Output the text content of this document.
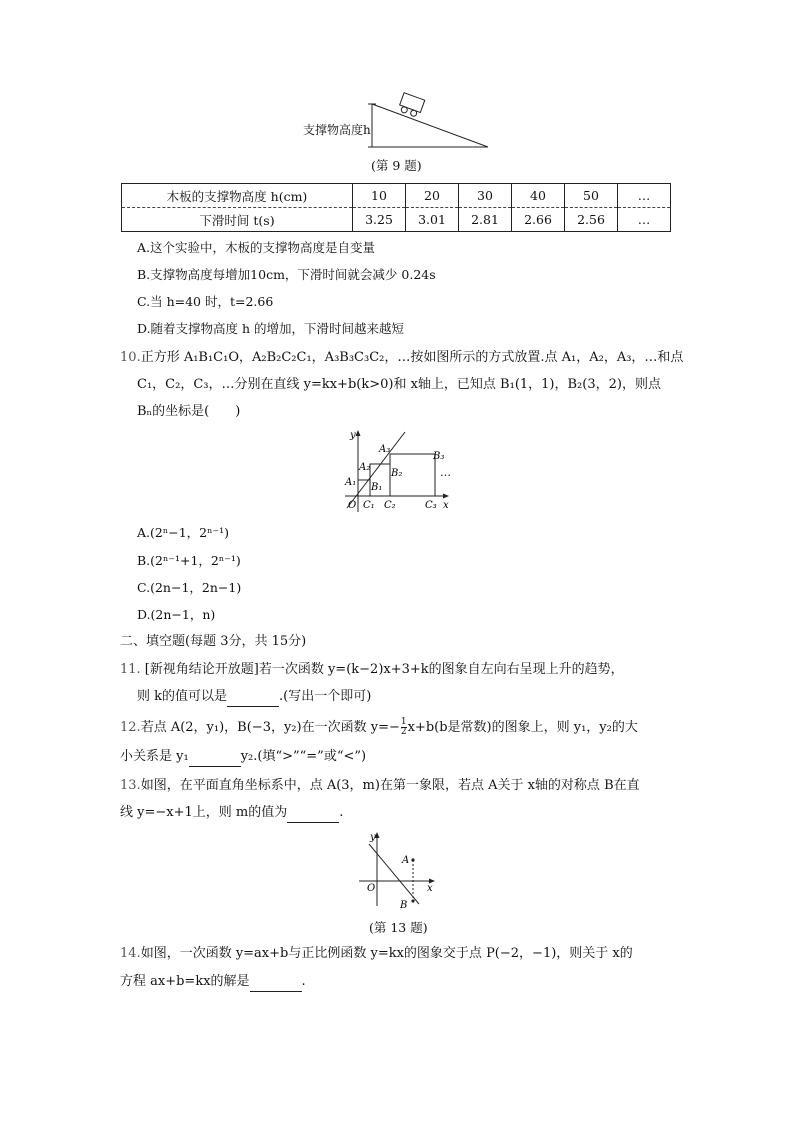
支撑物高度h
(第 9 题)
木板的支撑物高度 h(cm)	10	20	30	40	50	…
下滑时间 t(s)	3.25	3.01	2.81	2.66	2.56	…
A.这个实验中，木板的支撑物高度是自变量
B.支撑物高度每增加10cm，下滑时间就会减少 0.24s
C.当 h=40 时，t=2.66
D.随着支撑物高度 h 的增加，下滑时间越来越短
10.正方形 A₁B₁C₁O，A₂B₂C₂C₁，A₃B₃C₃C₂，…按如图所示的方式放置.点 A₁，A₂，A₃，…和点
C₁，C₂，C₃，…分别在直线 y=kx+b(k>0)和 x轴上，已知点 B₁(1，1)，B₂(3，2)，则点
Bₙ的坐标是(　　)
y
A₃
B₃
A₂
B₂
A₁ B₁
O C₁ C₂	C₃ x
…
A.(2ⁿ−1，2ⁿ⁻¹)
B.(2ⁿ⁻¹+1，2ⁿ⁻¹)
C.(2n−1，2n−1)
D.(2n−1，n)
二、填空题(每题 3分，共 15分)
11. [新视角结论开放题]若一次函数 y=(k−2)x+3+k的图象自左向右呈现上升的趋势，
则 k的值可以是	.(写出一个即可)
12.若点 A(2，y₁)，B(−3，y₂)在一次函数 $y=- \frac{1}{2} x+b(b$是常数)的图象上，则 y₁，y₂的大
小关系是 y₁	y₂.(填“>”“=”或“<”)
13.如图，在平面直角坐标系中，点 A(3，m)在第一象限，若点 A关于 x轴的对称点 B在直
线 y=−x+1上，则 m的值为	.
y
A
O	x
B
(第 13 题)
14.如图，一次函数 y=ax+b与正比例函数 y=kx的图象交于点 P(−2，−1)，则关于 x的
方程 ax+b=kx的解是	.
